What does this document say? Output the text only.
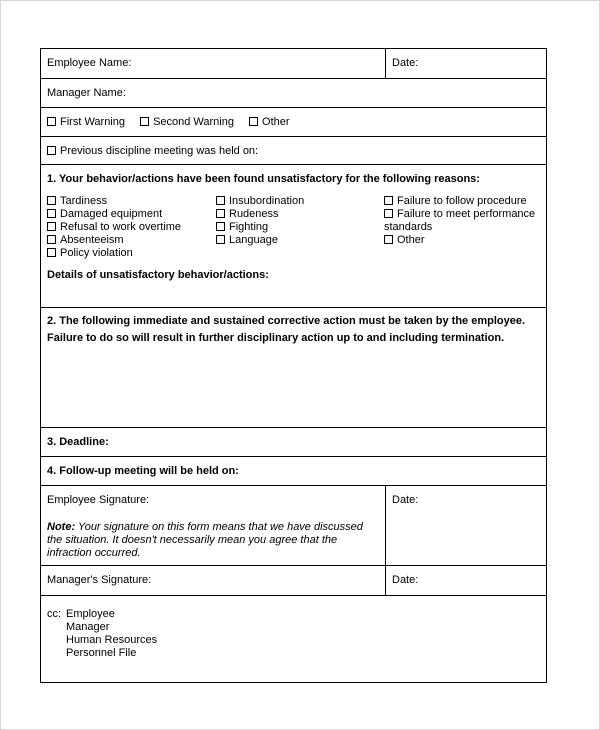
Employee Name:	Date:
Manager Name:
First Warning	Second Warning	Other
Previous discipline meeting was held on:
1. Your behavior/actions have been found unsatisfactory for the following reasons:
Tardiness
Damaged equipment
Refusal to work overtime
Absenteeism
Policy violation
Insubordination
Rudeness
Fighting
Language
Failure to follow procedure
Failure to meet performance standards
Other
Details of unsatisfactory behavior/actions:
2. The following immediate and sustained corrective action must be taken by the employee. Failure to do so will result in further disciplinary action up to and including termination.
3. Deadline:
4. Follow-up meeting will be held on:
Employee Signature:
Note: Your signature on this form means that we have discussed the situation. It doesn't necessarily mean you agree that the infraction occurred.
Date:
Manager's Signature:	Date:
cc: Employee
Manager
Human Resources
Personnel File
